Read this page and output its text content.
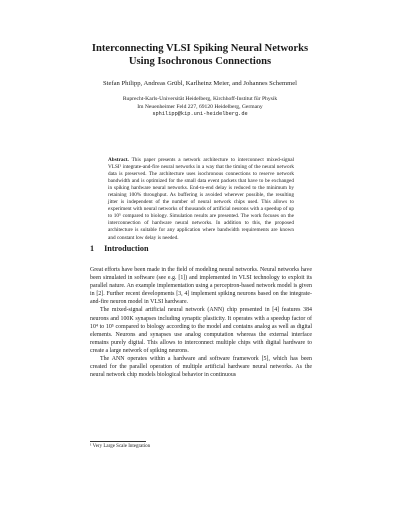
Interconnecting VLSI Spiking Neural Networks
Using Isochronous Connections
Stefan Philipp, Andreas Grübl, Karlheinz Meier, and Johannes Schemmel
Ruprecht-Karls-Universität Heidelberg, Kirchhoff-Institut für Physik
Im Neuenheimer Feld 227, 69120 Heidelberg, Germany
sphilipp@kip.uni-heidelberg.de
Abstract. This paper presents a network architecture to interconnect mixed-signal VLSI¹ integrate-and-fire neural networks in a way that the timing of the neural network data is preserved. The architecture uses isochronous connections to reserve network bandwidth and is optimized for the small data event packets that have to be exchanged in spiking hardware neural networks. End-to-end delay is reduced to the minimum by retaining 100% throughput. As buffering is avoided wherever possible, the resulting jitter is independent of the number of neural network chips used. This allows to experiment with neural networks of thousands of artificial neurons with a speedup of up to 10⁵ compared to biology. Simulation results are presented. The work focuses on the interconnection of hardware neural networks. In addition to this, the proposed architecture is suitable for any application where bandwidth requirements are known and constant low delay is needed.
1 Introduction

Great efforts have been made in the field of modeling neural networks. Neural networks have been simulated in software (see e.g. [1]) and implemented in VLSI technology to exploit its parallel nature. An example implementation using a perceptron-based network model is given in [2]. Further recent developments [3, 4] implement spiking neurons based on the integrate-and-fire neuron model in VLSI hardware.

The mixed-signal artificial neural network (ANN) chip presented in [4] features 384 neurons and 100K synapses including synaptic plasticity. It operates with a speedup factor of 10⁴ to 10⁵ compared to biology according to the model and contains analog as well as digital elements. Neurons and synapses use analog computation whereas the external interface remains purely digital. This allows to interconnect multiple chips with digital hardware to create a large network of spiking neurons.

The ANN operates within a hardware and software framework [5], which has been created for the parallel operation of multiple artificial hardware neural networks. As the neural network chip models biological behavior in continuous

¹ Very Large Scale Integration
